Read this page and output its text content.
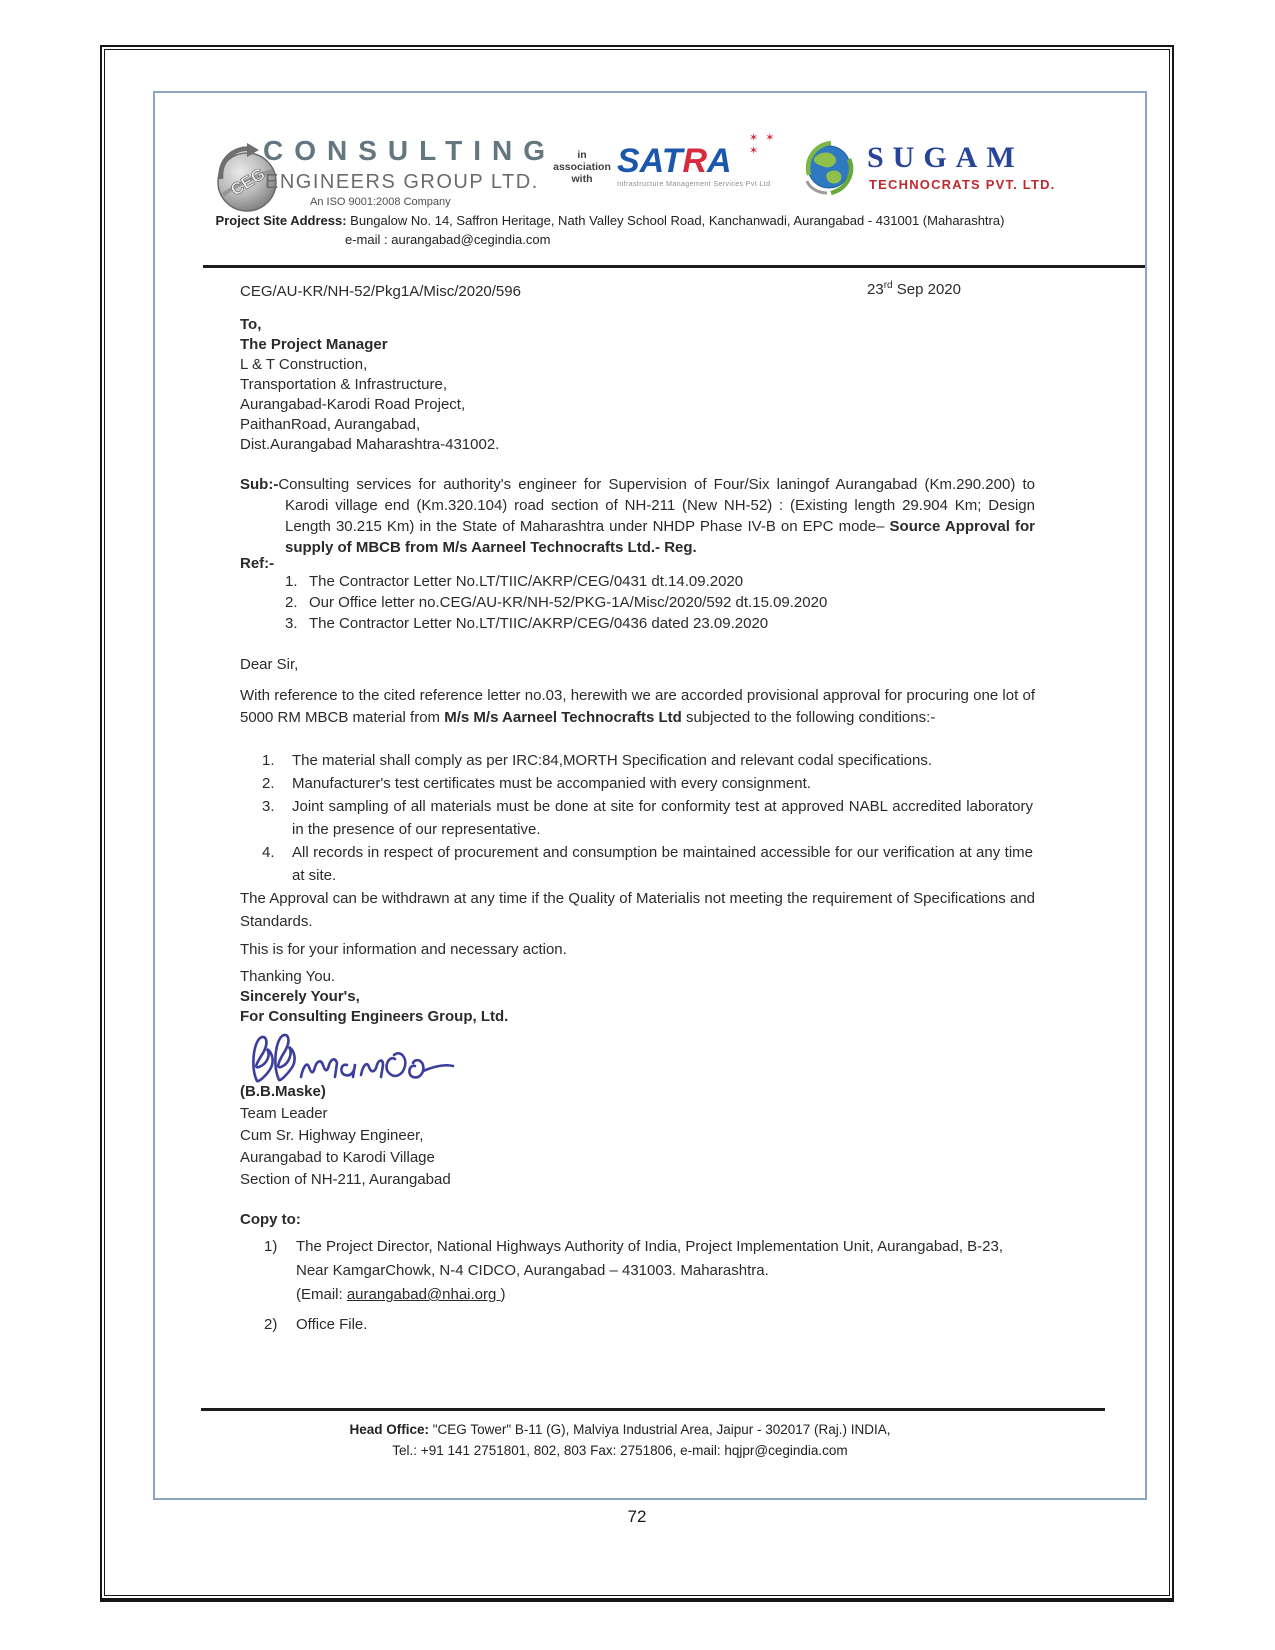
CEG
CONSULTING
ENGINEERS GROUP LTD.
An ISO 9001:2008 Company
in association with SATRA
✶ ✶ ✶
Infrastructure Management Services Pvt Ltd
SUGAM
TECHNOCRATS PVT. LTD.
Project Site Address: Bungalow No. 14, Saffron Heritage, Nath Valley School Road, Kanchanwadi, Aurangabad - 431001 (Maharashtra)
e-mail : aurangabad@cegindia.com
CEG/AU-KR/NH-52/Pkg1A/Misc/2020/596	23rd Sep 2020
To,
The Project Manager
L & T Construction,
Transportation & Infrastructure,
Aurangabad-Karodi Road Project,
PaithanRoad, Aurangabad,
Dist.Aurangabad Maharashtra-431002.
Sub:-Consulting services for authority's engineer for Supervision of Four/Six laningof Aurangabad (Km.290.200) to Karodi village end (Km.320.104) road section of NH-211 (New NH-52) : (Existing length 29.904 Km; Design Length 30.215 Km) in the State of Maharashtra under NHDP Phase IV-B on EPC mode– Source Approval for supply of MBCB from M/s Aarneel Technocrafts Ltd.- Reg.
Ref:-
1. The Contractor Letter No.LT/TIIC/AKRP/CEG/0431 dt.14.09.2020
2. Our Office letter no.CEG/AU-KR/NH-52/PKG-1A/Misc/2020/592 dt.15.09.2020
3. The Contractor Letter No.LT/TIIC/AKRP/CEG/0436 dated 23.09.2020
Dear Sir,
With reference to the cited reference letter no.03, herewith we are accorded provisional approval for procuring one lot of 5000 RM MBCB material from M/s M/s Aarneel Technocrafts Ltd subjected to the following conditions:-
1.	The material shall comply as per IRC:84,MORTH Specification and relevant codal specifications.
2.	Manufacturer's test certificates must be accompanied with every consignment.
3.	Joint sampling of all materials must be done at site for conformity test at approved NABL accredited laboratory in the presence of our representative.
4.	All records in respect of procurement and consumption be maintained accessible for our verification at any time at site.
The Approval can be withdrawn at any time if the Quality of Materialis not meeting the requirement of Specifications and Standards.
This is for your information and necessary action.
Thanking You.
Sincerely Your's,
For Consulting Engineers Group, Ltd.
(B.B.Maske)
Team Leader
Cum Sr. Highway Engineer,
Aurangabad to Karodi Village
Section of NH-211, Aurangabad
Copy to:
1)	The Project Director, National Highways Authority of India, Project Implementation Unit, Aurangabad, B-23, Near KamgarChowk, N-4 CIDCO, Aurangabad – 431003. Maharashtra.
(Email: aurangabad@nhai.org )
2)	Office File.
Head Office: "CEG Tower" B-11 (G), Malviya Industrial Area, Jaipur - 302017 (Raj.) INDIA,
Tel.: +91 141 2751801, 802, 803 Fax: 2751806, e-mail: hqjpr@cegindia.com
72
